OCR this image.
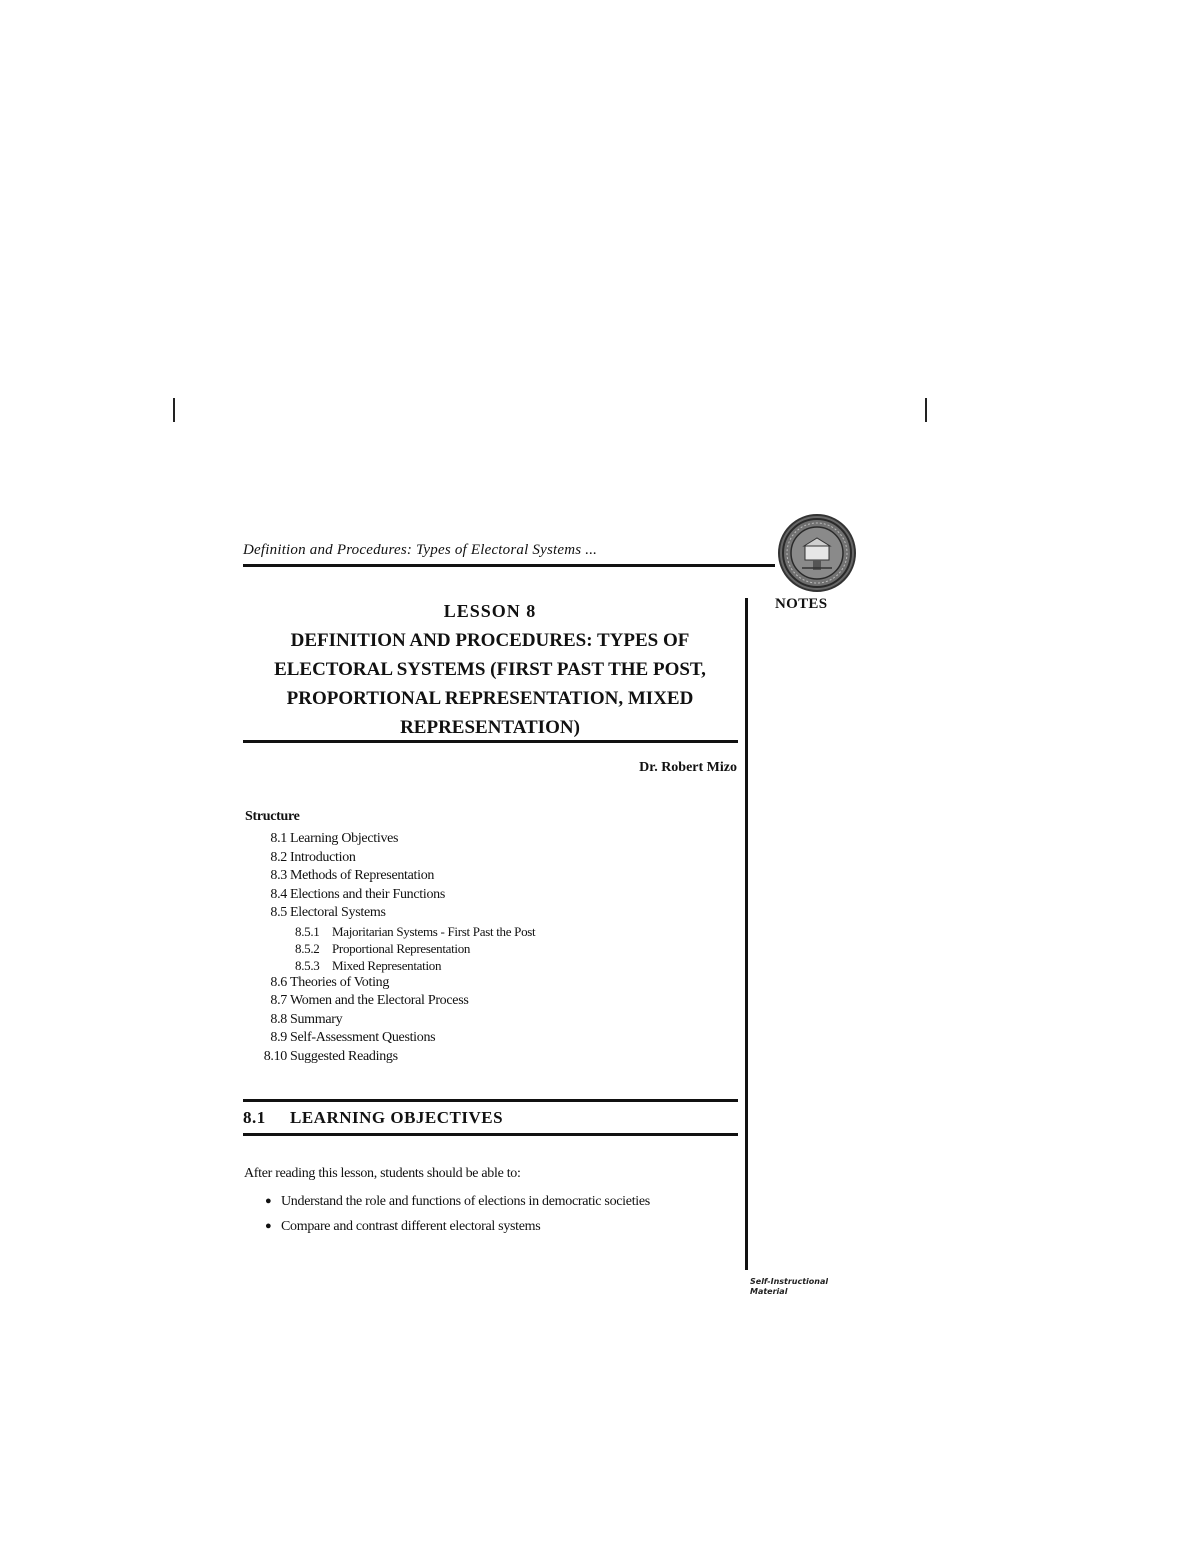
Definition and Procedures: Types of Electoral Systems ...
NOTES
LESSON 8
DEFINITION AND PROCEDURES: TYPES OF
ELECTORAL SYSTEMS (FIRST PAST THE POST,
PROPORTIONAL REPRESENTATION, MIXED
REPRESENTATION)
Dr. Robert Mizo
Structure
8.1 Learning Objectives
8.2 Introduction
8.3 Methods of Representation
8.4 Elections and their Functions
8.5 Electoral Systems
8.5.1 Majoritarian Systems - First Past the Post
8.5.2 Proportional Representation
8.5.3 Mixed Representation
8.6 Theories of Voting
8.7 Women and the Electoral Process
8.8 Summary
8.9 Self-Assessment Questions
8.10 Suggested Readings
8.1 LEARNING OBJECTIVES
After reading this lesson, students should be able to:
● Understand the role and functions of elections in democratic societies
● Compare and contrast different electoral systems
Self-Instructional
Material
